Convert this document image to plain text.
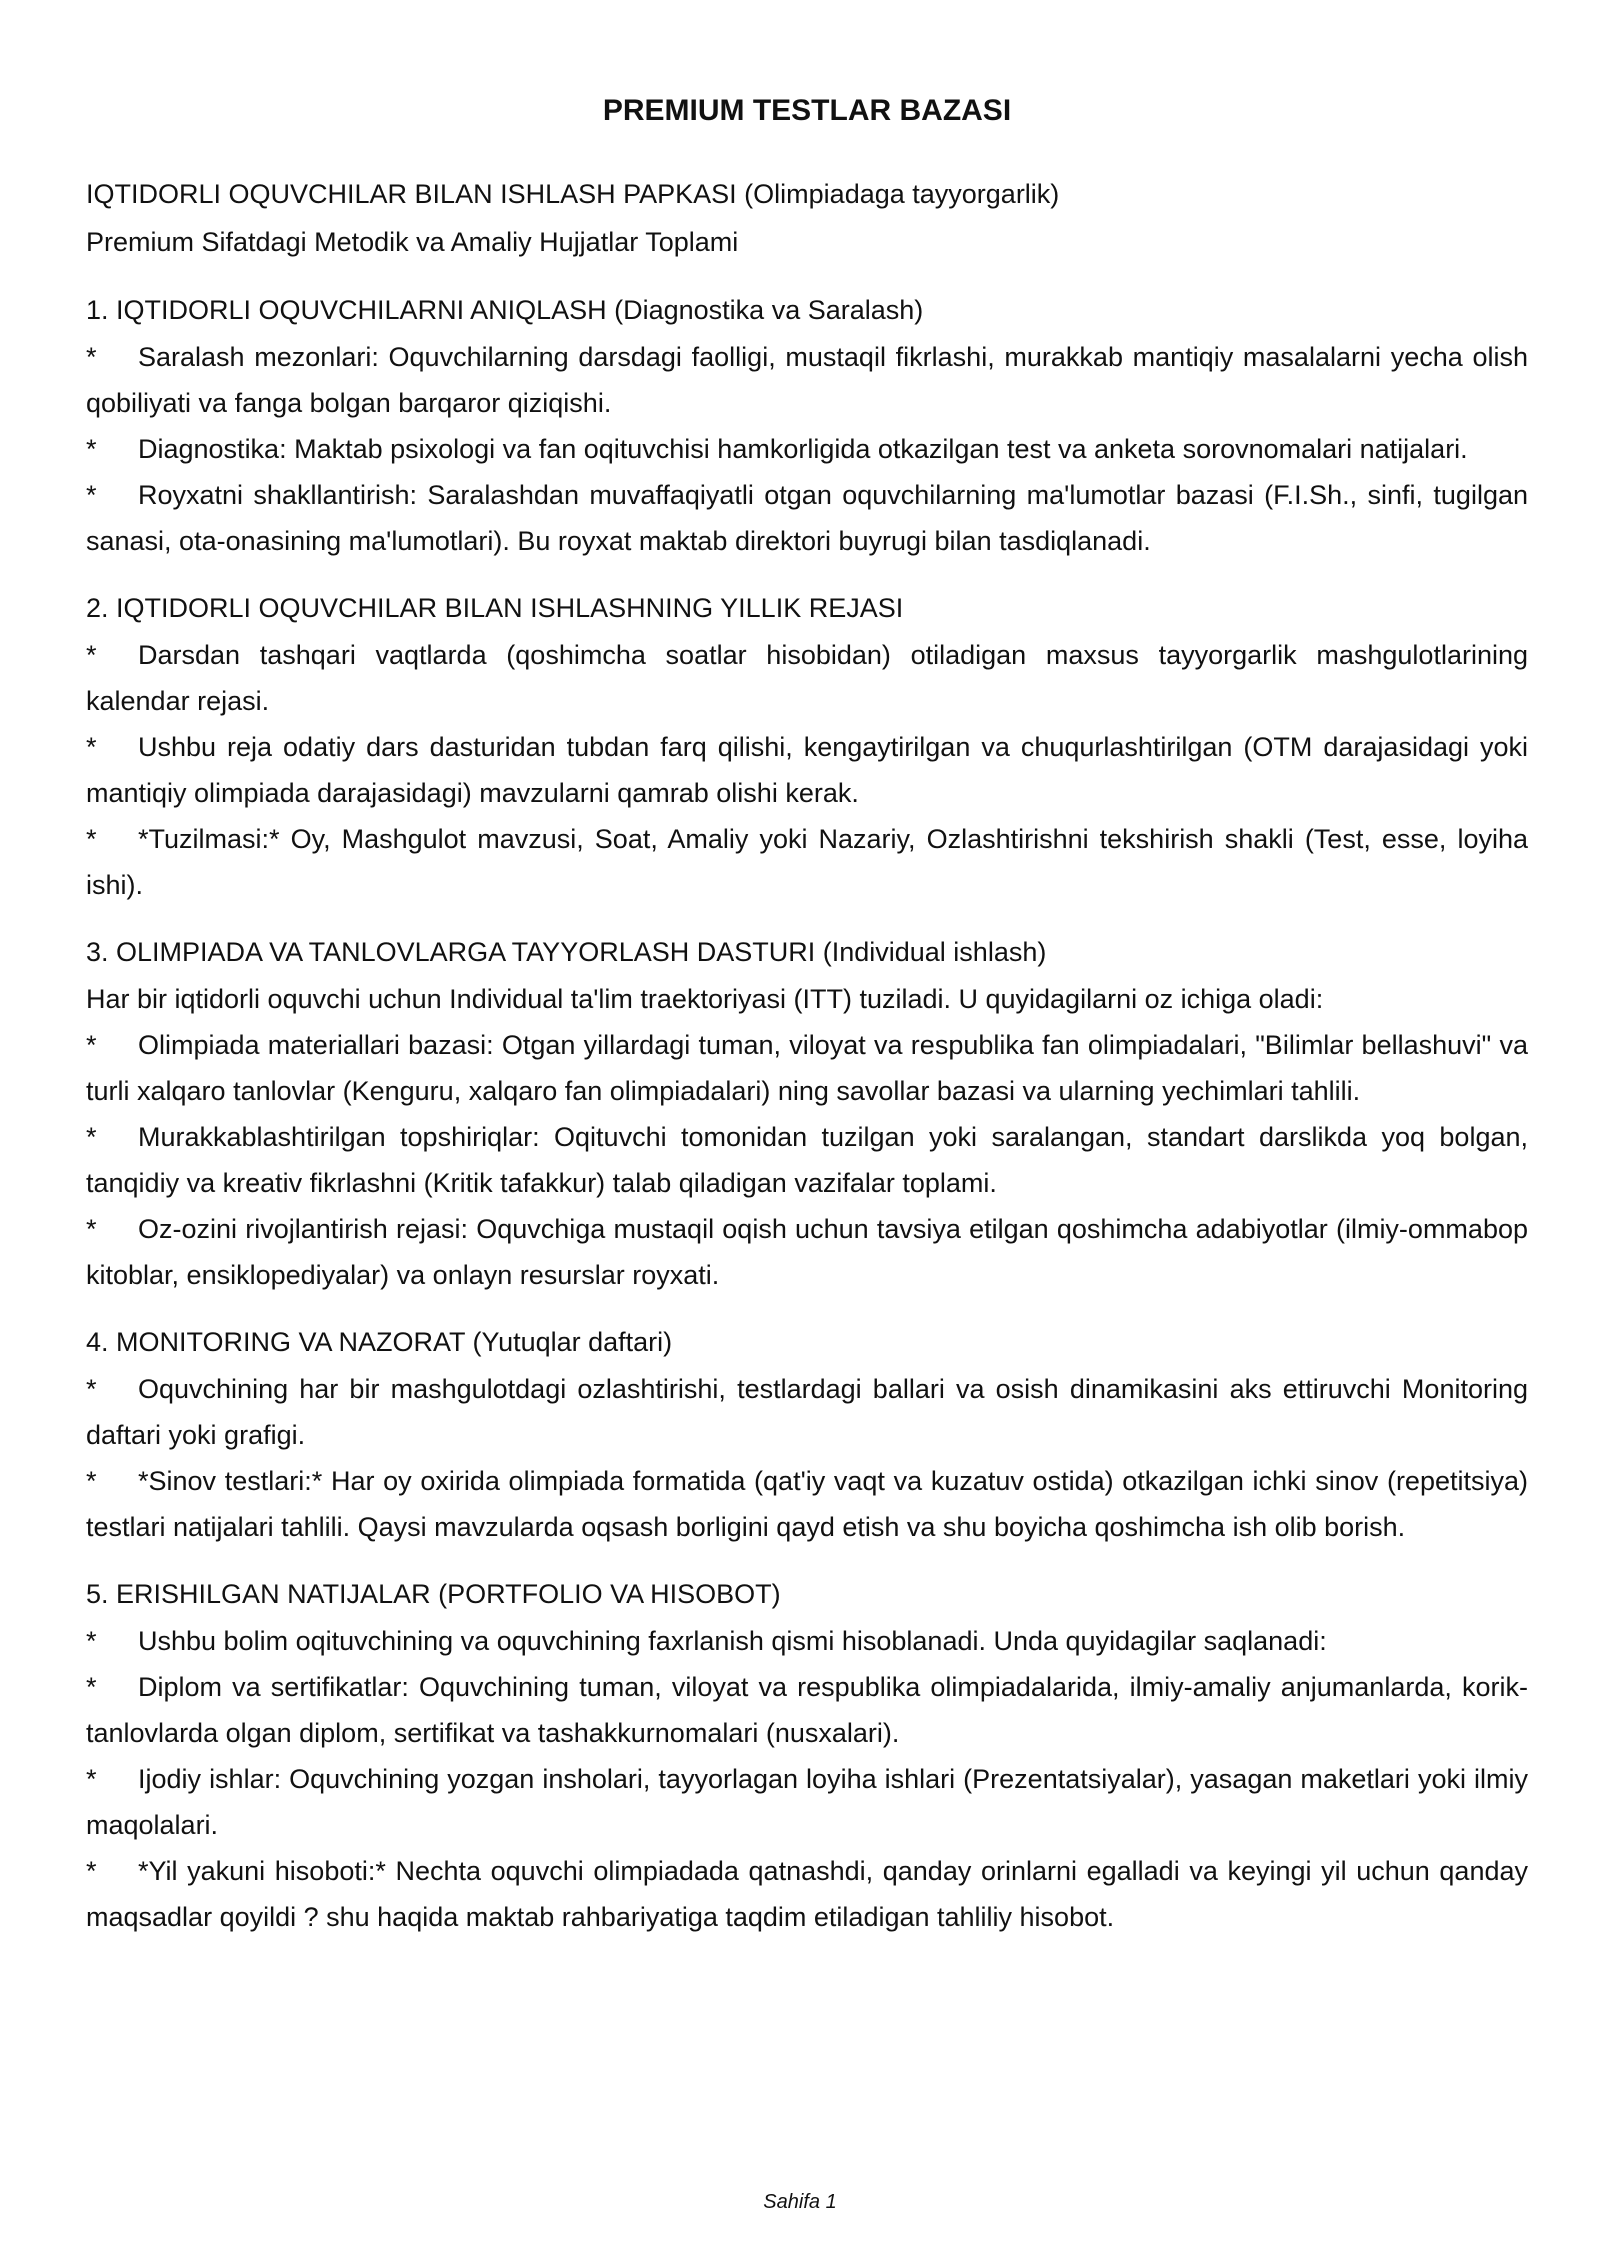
PREMIUM TESTLAR BAZASI

IQTIDORLI OQUVCHILAR BILAN ISHLASH PAPKASI (Olimpiadaga tayyorgarlik)

Premium Sifatdagi Metodik va Amaliy Hujjatlar Toplami

1. IQTIDORLI OQUVCHILARNI ANIQLASH (Diagnostika va Saralash)

* Saralash mezonlari: Oquvchilarning darsdagi faolligi, mustaqil fikrlashi, murakkab mantiqiy masalalarni yecha olish qobiliyati va fanga bolgan barqaror qiziqishi.

* Diagnostika: Maktab psixologi va fan oqituvchisi hamkorligida otkazilgan test va anketa sorovnomalari natijalari.

* Royxatni shakllantirish: Saralashdan muvaffaqiyatli otgan oquvchilarning ma'lumotlar bazasi (F.I.Sh., sinfi, tugilgan sanasi, ota-onasining ma'lumotlari). Bu royxat maktab direktori buyrugi bilan tasdiqlanadi.

2. IQTIDORLI OQUVCHILAR BILAN ISHLASHNING YILLIK REJASI

* Darsdan tashqari vaqtlarda (qoshimcha soatlar hisobidan) otiladigan maxsus tayyorgarlik mashgulotlarining kalendar rejasi.

* Ushbu reja odatiy dars dasturidan tubdan farq qilishi, kengaytirilgan va chuqurlashtirilgan (OTM darajasidagi yoki mantiqiy olimpiada darajasidagi) mavzularni qamrab olishi kerak.

* *Tuzilmasi:* Oy, Mashgulot mavzusi, Soat, Amaliy yoki Nazariy, Ozlashtirishni tekshirish shakli (Test, esse, loyiha ishi).

3. OLIMPIADA VA TANLOVLARGA TAYYORLASH DASTURI (Individual ishlash)

Har bir iqtidorli oquvchi uchun Individual ta'lim traektoriyasi (ITT) tuziladi. U quyidagilarni oz ichiga oladi:

* Olimpiada materiallari bazasi: Otgan yillardagi tuman, viloyat va respublika fan olimpiadalari, "Bilimlar bellashuvi" va turli xalqaro tanlovlar (Kenguru, xalqaro fan olimpiadalari) ning savollar bazasi va ularning yechimlari tahlili.

* Murakkablashtirilgan topshiriqlar: Oqituvchi tomonidan tuzilgan yoki saralangan, standart darslikda yoq bolgan, tanqidiy va kreativ fikrlashni (Kritik tafakkur) talab qiladigan vazifalar toplami.

* Oz-ozini rivojlantirish rejasi: Oquvchiga mustaqil oqish uchun tavsiya etilgan qoshimcha adabiyotlar (ilmiy-ommabop kitoblar, ensiklopediyalar) va onlayn resurslar royxati.

4. MONITORING VA NAZORAT (Yutuqlar daftari)

* Oquvchining har bir mashgulotdagi ozlashtirishi, testlardagi ballari va osish dinamikasini aks ettiruvchi Monitoring daftari yoki grafigi.

* *Sinov testlari:* Har oy oxirida olimpiada formatida (qat'iy vaqt va kuzatuv ostida) otkazilgan ichki sinov (repetitsiya) testlari natijalari tahlili. Qaysi mavzularda oqsash borligini qayd etish va shu boyicha qoshimcha ish olib borish.

5. ERISHILGAN NATIJALAR (PORTFOLIO VA HISOBOT)

* Ushbu bolim oqituvchining va oquvchining faxrlanish qismi hisoblanadi. Unda quyidagilar saqlanadi:

* Diplom va sertifikatlar: Oquvchining tuman, viloyat va respublika olimpiadalarida, ilmiy-amaliy anjumanlarda, korik-tanlovlarda olgan diplom, sertifikat va tashakkurnomalari (nusxalari).

* Ijodiy ishlar: Oquvchining yozgan insholari, tayyorlagan loyiha ishlari (Prezentatsiyalar), yasagan maketlari yoki ilmiy maqolalari.

* *Yil yakuni hisoboti:* Nechta oquvchi olimpiadada qatnashdi, qanday orinlarni egalladi va keyingi yil uchun qanday maqsadlar qoyildi ? shu haqida maktab rahbariyatiga taqdim etiladigan tahliliy hisobot.

Sahifa 1
